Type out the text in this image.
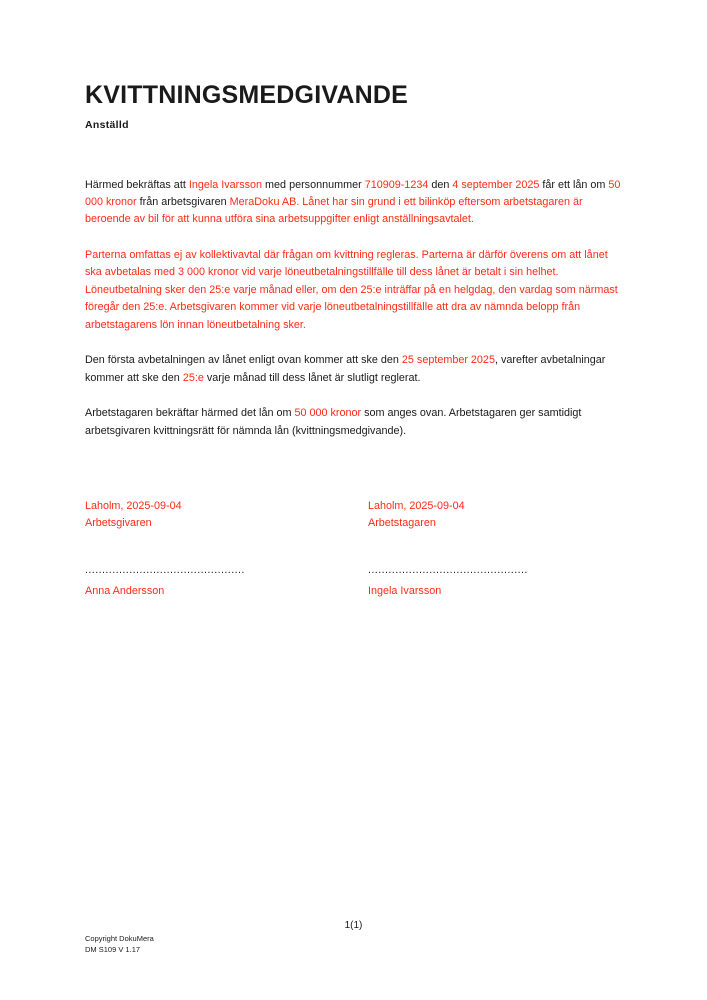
KVITTNINGSMEDGIVANDE
Anställd

Härmed bekräftas att Ingela Ivarsson med personnummer 710909-1234 den 4 september 2025 får ett lån om 50 000 kronor från arbetsgivaren MeraDoku AB. Lånet har sin grund i ett bilinköp eftersom arbetstagaren är beroende av bil för att kunna utföra sina arbetsuppgifter enligt anställningsavtalet.

Parterna omfattas ej av kollektivavtal där frågan om kvittning regleras. Parterna är därför överens om att lånet ska avbetalas med 3 000 kronor vid varje löneutbetalningstillfälle till dess lånet är betalt i sin helhet. Löneutbetalning sker den 25:e varje månad eller, om den 25:e inträffar på en helgdag, den vardag som närmast föregår den 25:e. Arbetsgivaren kommer vid varje löneutbetalningstillfälle att dra av nämnda belopp från arbetstagarens lön innan löneutbetalning sker.

Den första avbetalningen av lånet enligt ovan kommer att ske den 25 september 2025, varefter avbetalningar kommer att ske den 25:e varje månad till dess lånet är slutligt reglerat.

Arbetstagaren bekräftar härmed det lån om 50 000 kronor som anges ovan. Arbetstagaren ger samtidigt arbetsgivaren kvittningsrätt för nämnda lån (kvittningsmedgivande).

Laholm, 2025-09-04

Arbetsgivaren

...............................................

Anna Andersson

Laholm, 2025-09-04

Arbetstagaren

...............................................

Ingela Ivarsson

1(1)
Copyright DokuMera
DM S109 V 1.17
